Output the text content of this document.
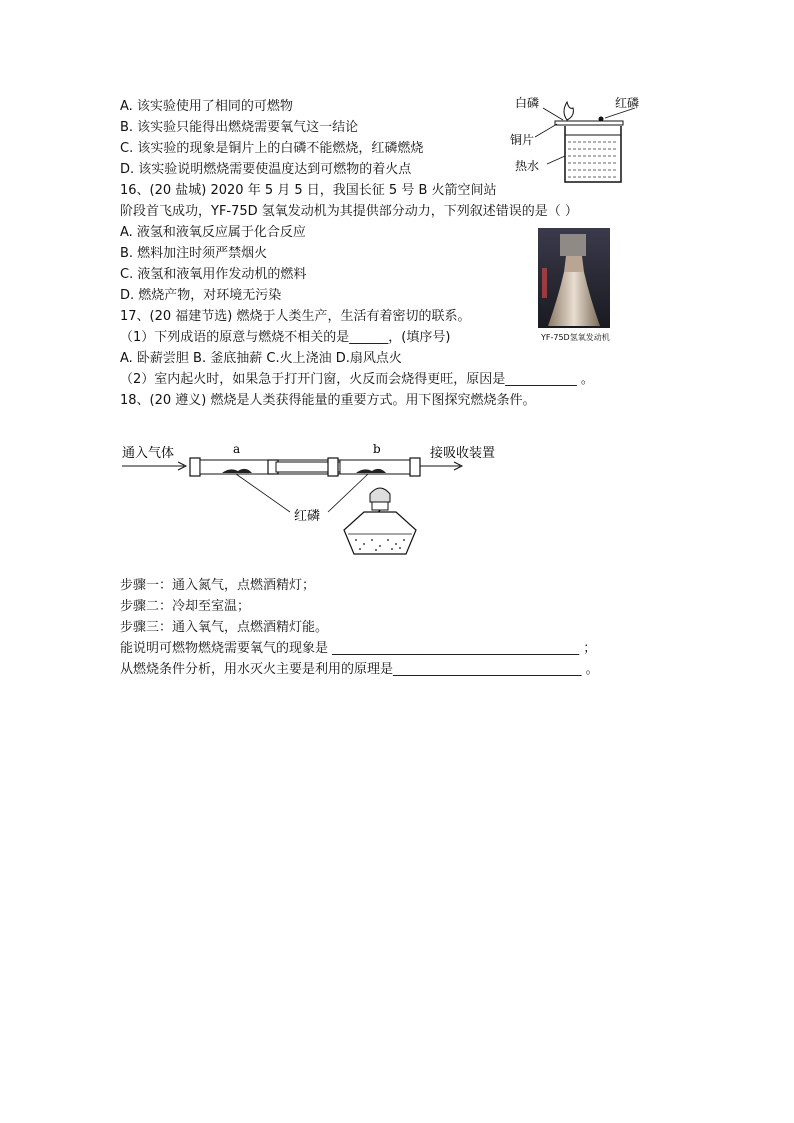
A. 该实验使用了相同的可燃物
B. 该实验只能得出燃烧需要氧气这一结论
C. 该实验的现象是铜片上的白磷不能燃烧，红磷燃烧
D. 该实验说明燃烧需要使温度达到可燃物的着火点
白磷	红磷
铜片
热水
16、(20 盐城) 2020 年 5 月 5 日，我国长征 5 号 B 火箭空间站
阶段首飞成功，YF-75D 氢氧发动机为其提供部分动力，下列叙述错误的是（ ）
A. 液氢和液氧反应属于化合反应
B. 燃料加注时须严禁烟火
C. 液氢和液氧用作发动机的燃料
D. 燃烧产物，对环境无污染
YF-75D氢氧发动机
17、(20 福建节选) 燃烧于人类生产，生活有着密切的联系。
（1）下列成语的原意与燃烧不相关的是______，(填序号)
A. 卧薪尝胆 B. 釜底抽薪 C.火上浇油 D.扇风点火
（2）室内起火时，如果急于打开门窗，火反而会烧得更旺，原因是___________ 。
18、(20 遵义) 燃烧是人类获得能量的重要方式。用下图探究燃烧条件。
通入气体	a	b	接吸收装置
红磷
步骤一：通入氮气，点燃酒精灯；
步骤二：冷却至室温；
步骤三：通入氧气，点燃酒精灯能。
能说明可燃物燃烧需要氧气的现象是 ______________________________________ ；
从燃烧条件分析，用水灭火主要是利用的原理是_____________________________ 。
